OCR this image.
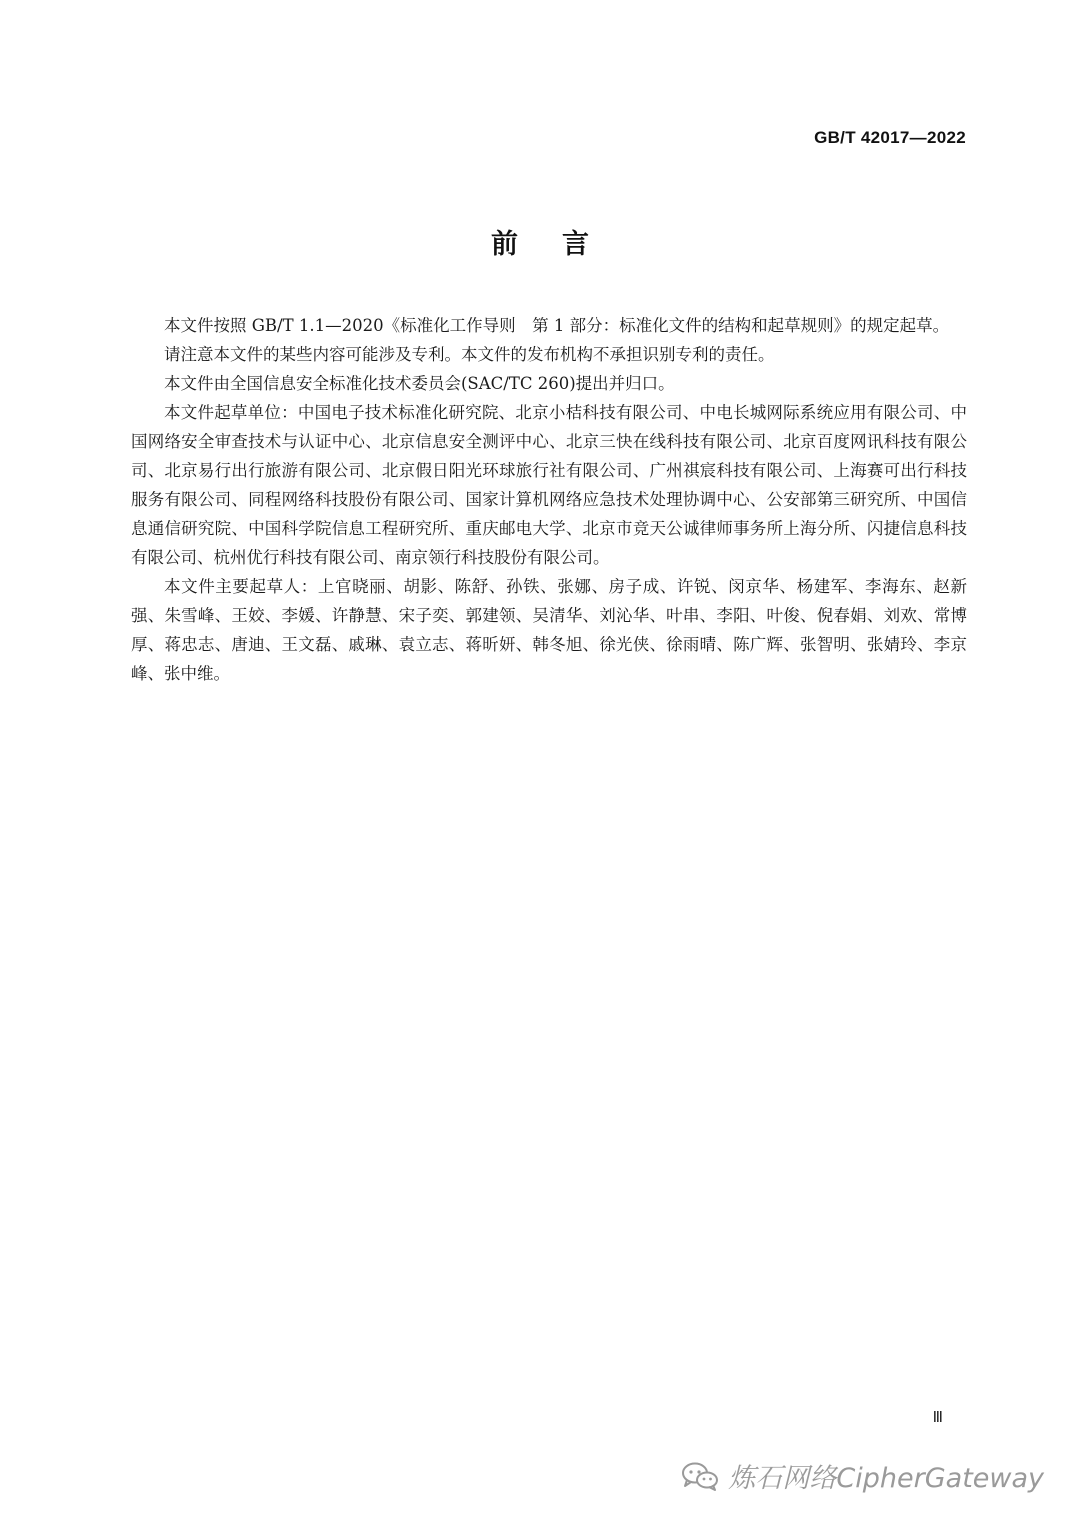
GB/T 42017—2022
前言

本文件按照 GB/T 1.1—2020《标准化工作导则　第 1 部分：标准化文件的结构和起草规则》的规定起草。

请注意本文件的某些内容可能涉及专利。本文件的发布机构不承担识别专利的责任。

本文件由全国信息安全标准化技术委员会(SAC/TC 260)提出并归口。

本文件起草单位：中国电子技术标准化研究院、北京小桔科技有限公司、中电长城网际系统应用有限公司、中国网络安全审查技术与认证中心、北京信息安全测评中心、北京三快在线科技有限公司、北京百度网讯科技有限公司、北京易行出行旅游有限公司、北京假日阳光环球旅行社有限公司、广州祺宸科技有限公司、上海赛可出行科技服务有限公司、同程网络科技股份有限公司、国家计算机网络应急技术处理协调中心、公安部第三研究所、中国信息通信研究院、中国科学院信息工程研究所、重庆邮电大学、北京市竞天公诚律师事务所上海分所、闪捷信息科技有限公司、杭州优行科技有限公司、南京领行科技股份有限公司。

本文件主要起草人：上官晓丽、胡影、陈舒、孙铁、张娜、房子成、许锐、闵京华、杨建军、李海东、赵新强、朱雪峰、王姣、李媛、许静慧、宋子奕、郭建领、吴清华、刘沁华、叶串、李阳、叶俊、倪春娟、刘欢、常博厚、蒋忠志、唐迪、王文磊、戚琳、袁立志、蒋昕妍、韩冬旭、徐光侠、徐雨晴、陈广辉、张智明、张婧玲、李京峰、张中维。

Ⅲ
炼石网络CipherGateway
